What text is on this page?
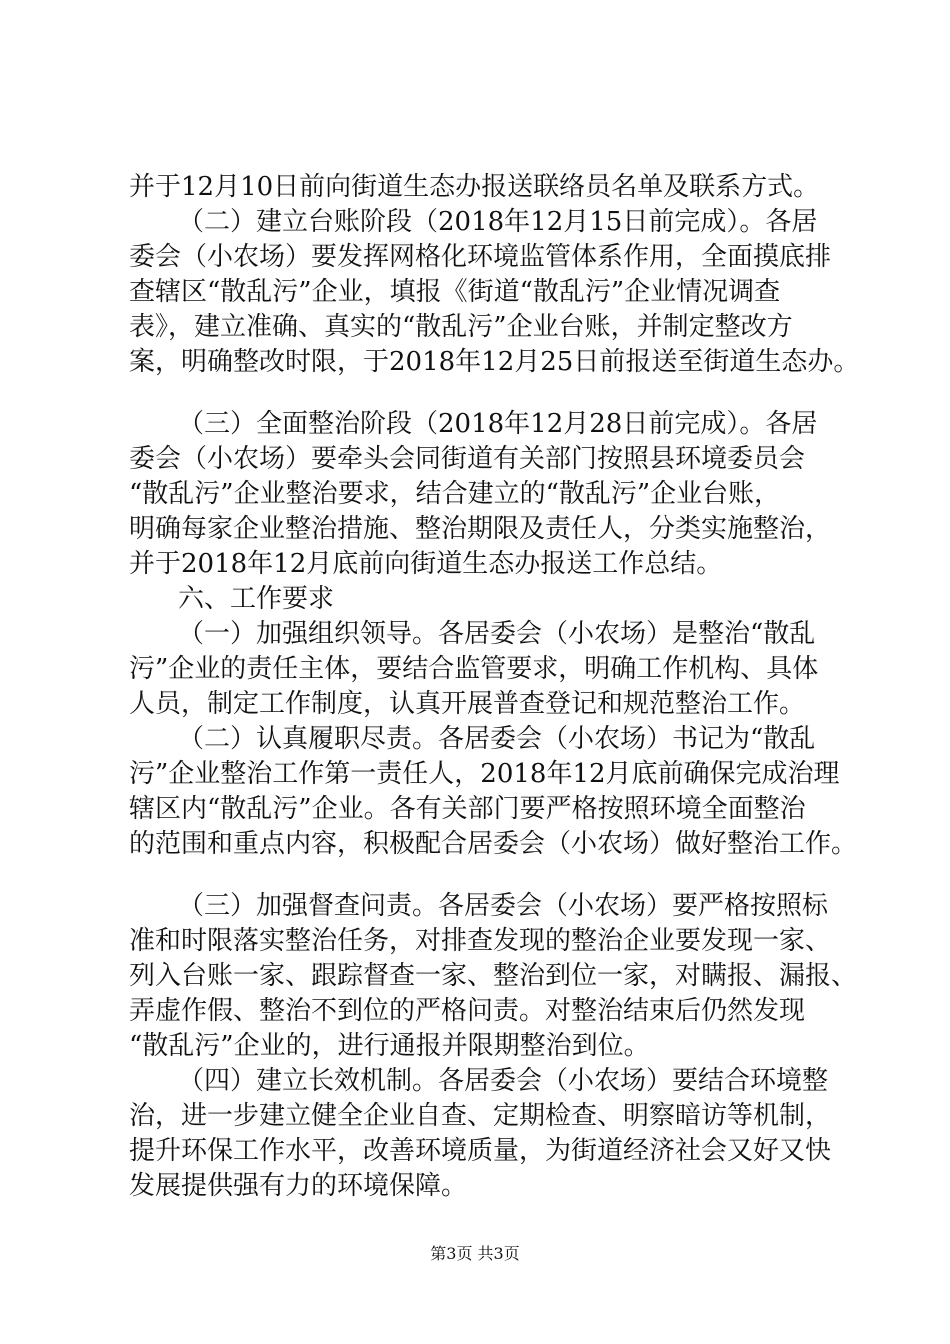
并于12月10日前向街道生态办报送联络员名单及联系方式。
（二）建立台账阶段（2018年12月15日前完成）。各居
委会（小农场）要发挥网格化环境监管体系作用，全面摸底排
查辖区“散乱污”企业，填报《街道“散乱污”企业情况调查
表》，建立准确、真实的“散乱污”企业台账，并制定整改方
案，明确整改时限，于2018年12月25日前报送至街道生态办。
（三）全面整治阶段（2018年12月28日前完成）。各居
委会（小农场）要牵头会同街道有关部门按照县环境委员会
“散乱污”企业整治要求，结合建立的“散乱污”企业台账，
明确每家企业整治措施、整治期限及责任人，分类实施整治，
并于2018年12月底前向街道生态办报送工作总结。
六、工作要求
（一）加强组织领导。各居委会（小农场）是整治“散乱
污”企业的责任主体，要结合监管要求，明确工作机构、具体
人员，制定工作制度，认真开展普查登记和规范整治工作。
（二）认真履职尽责。各居委会（小农场）书记为“散乱
污”企业整治工作第一责任人，2018年12月底前确保完成治理
辖区内“散乱污”企业。各有关部门要严格按照环境全面整治
的范围和重点内容，积极配合居委会（小农场）做好整治工作。
（三）加强督查问责。各居委会（小农场）要严格按照标
准和时限落实整治任务，对排查发现的整治企业要发现一家、
列入台账一家、跟踪督查一家、整治到位一家，对瞒报、漏报、
弄虚作假、整治不到位的严格问责。对整治结束后仍然发现
“散乱污”企业的，进行通报并限期整治到位。
（四）建立长效机制。各居委会（小农场）要结合环境整
治，进一步建立健全企业自查、定期检查、明察暗访等机制，
提升环保工作水平，改善环境质量，为街道经济社会又好又快
发展提供强有力的环境保障。
第3页 共3页
